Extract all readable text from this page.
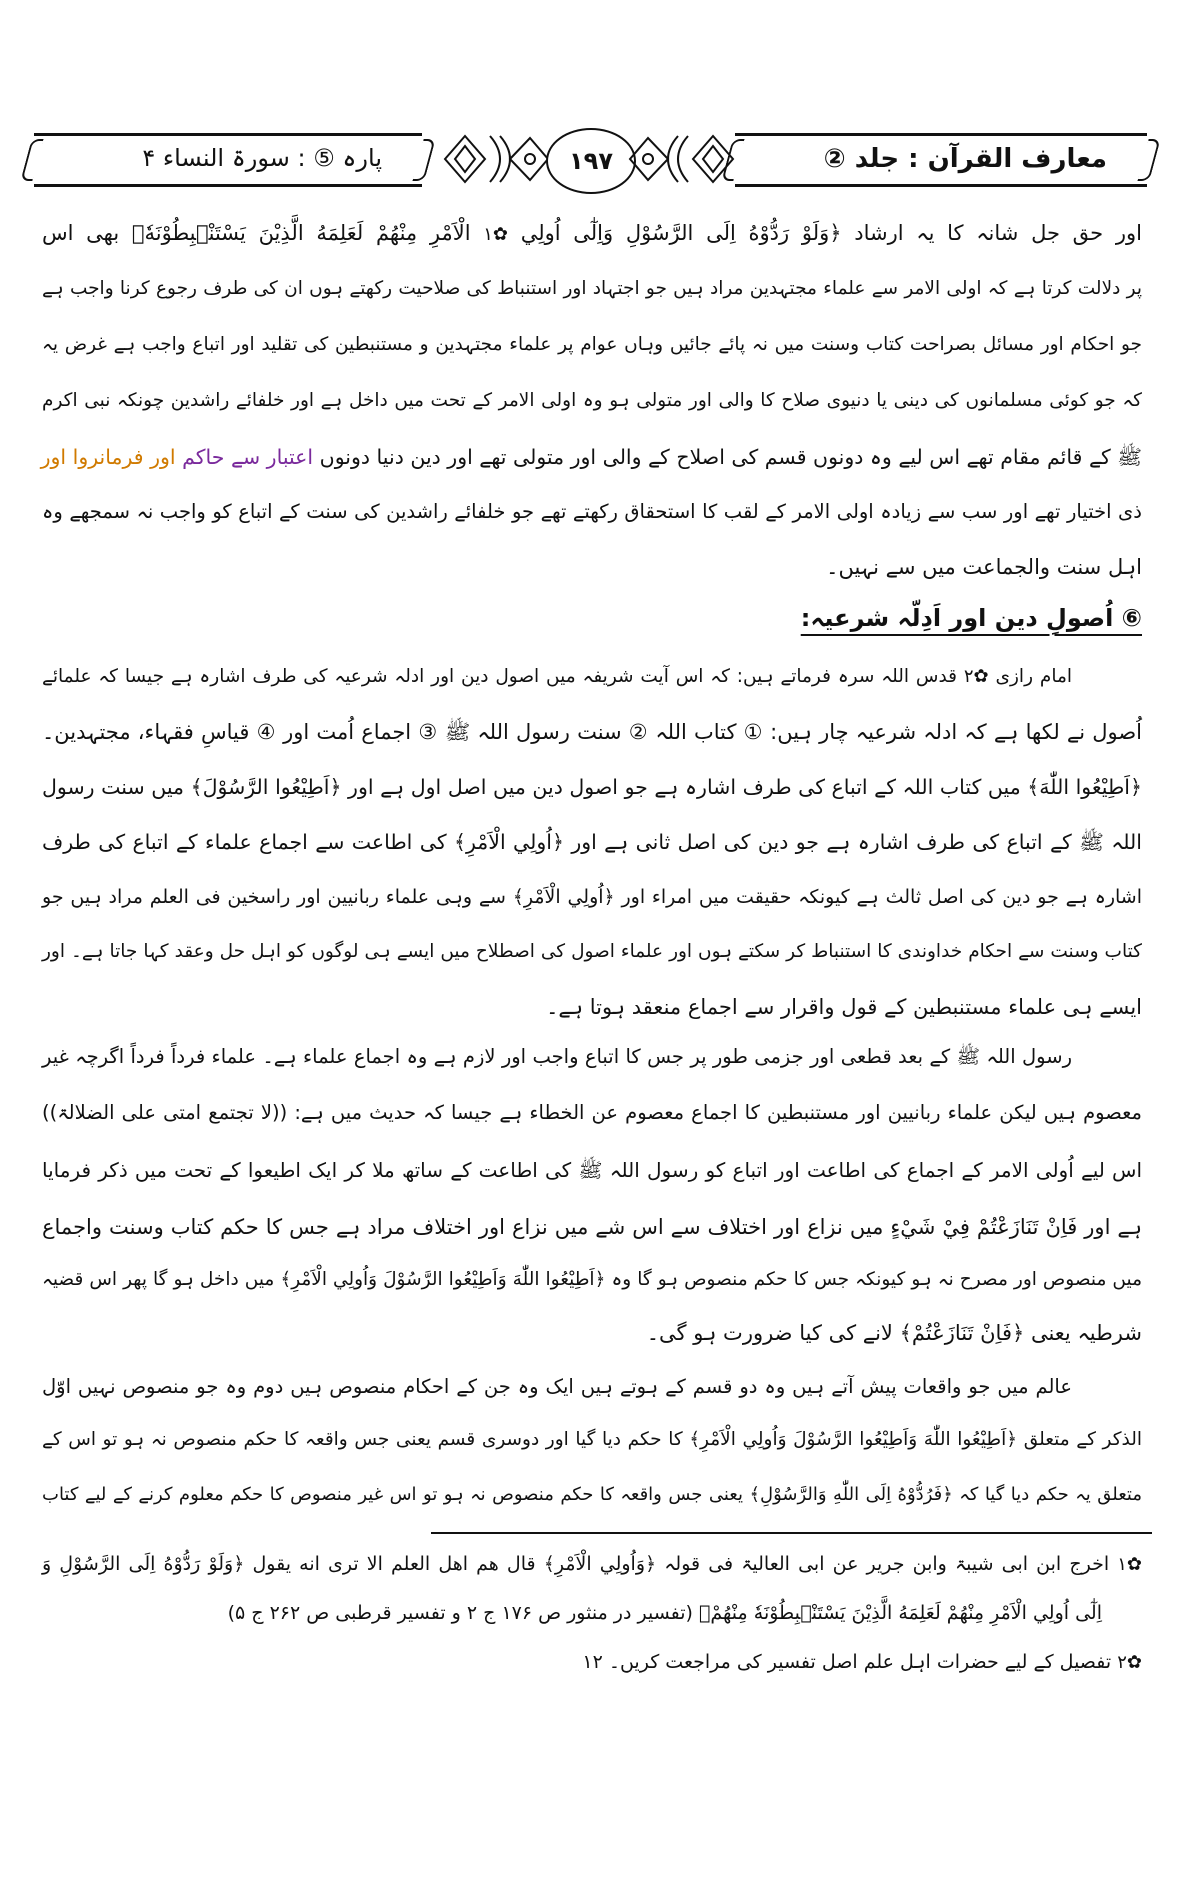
پارہ ⑤ : سورۃ النساء ۴	۱۹۷	معارف القرآن : جلد ②
اور حق جل شانہ کا یہ ارشاد ﴿وَلَوْ رَدُّوْهُ اِلَى الرَّسُوْلِ وَاِلٰٓى اُولِي ✿۱ الْاَمْرِ مِنْهُمْ لَعَلِمَهُ الَّذِيْنَ يَسْتَنْۢبِطُوْنَهٗ﴾ بھی اس
پر دلالت کرتا ہے کہ اولی الامر سے علماء مجتہدین مراد ہیں جو اجتہاد اور استنباط کی صلاحیت رکھتے ہوں ان کی طرف رجوع کرنا واجب ہے
جو احکام اور مسائل بصراحت کتاب وسنت میں نہ پائے جائیں وہاں عوام پر علماء مجتہدین و مستنبطین کی تقلید اور اتباع واجب ہے غرض یہ
کہ جو کوئی مسلمانوں کی دینی یا دنیوی صلاح کا والی اور متولی ہو وہ اولی الامر کے تحت میں داخل ہے اور خلفائے راشدین چونکہ نبی اکرم
ﷺ کے قائم مقام تھے اس لیے وہ دونوں قسم کی اصلاح کے والی اور متولی تھے اور دین دنیا دونوں اعتبار سے حاکم اور فرمانروا اور
ذی اختیار تھے اور سب سے زیادہ اولی الامر کے لقب کا استحقاق رکھتے تھے جو خلفائے راشدین کی سنت کے اتباع کو واجب نہ سمجھے وہ
اہل سنت والجماعت میں سے نہیں۔
⑥ اُصولِ دین اور اَدِلّہ شرعیہ:
امام رازی ✿۲ قدس اللہ سرہ فرماتے ہیں: کہ اس آیت شریفہ میں اصول دین اور ادلہ شرعیہ کی طرف اشارہ ہے جیسا کہ علمائے
اُصول نے لکھا ہے کہ ادلہ شرعیہ چار ہیں: ① کتاب اللہ ② سنت رسول اللہ ﷺ ③ اجماع اُمت اور ④ قیاسِ فقہاء، مجتہدین۔
﴿اَطِيْعُوا اللّٰهَ﴾ میں کتاب اللہ کے اتباع کی طرف اشارہ ہے جو اصول دین میں اصل اول ہے اور ﴿اَطِيْعُوا الرَّسُوْلَ﴾ میں سنت رسول
اللہ ﷺ کے اتباع کی طرف اشارہ ہے جو دین کی اصل ثانی ہے اور ﴿اُولِي الْاَمْرِ﴾ کی اطاعت سے اجماع علماء کے اتباع کی طرف
اشارہ ہے جو دین کی اصل ثالث ہے کیونکہ حقیقت میں امراء اور ﴿اُولِي الْاَمْرِ﴾ سے وہی علماء ربانیین اور راسخین فی العلم مراد ہیں جو
کتاب وسنت سے احکام خداوندی کا استنباط کر سکتے ہوں اور علماء اصول کی اصطلاح میں ایسے ہی لوگوں کو اہل حل وعقد کہا جاتا ہے۔ اور
ایسے ہی علماء مستنبطین کے قول واقرار سے اجماع منعقد ہوتا ہے۔
رسول اللہ ﷺ کے بعد قطعی اور جزمی طور پر جس کا اتباع واجب اور لازم ہے وہ اجماع علماء ہے۔ علماء فرداً فرداً اگرچہ غیر
معصوم ہیں لیکن علماء ربانیین اور مستنبطین کا اجماع معصوم عن الخطاء ہے جیسا کہ حدیث میں ہے: ((لا تجتمع امتی علی الضلالۃ))
اس لیے اُولی الامر کے اجماع کی اطاعت اور اتباع کو رسول اللہ ﷺ کی اطاعت کے ساتھ ملا کر ایک اطیعوا کے تحت میں ذکر فرمایا
ہے اور فَاِنْ تَنَازَعْتُمْ فِيْ شَيْءٍ میں نزاع اور اختلاف سے اس شے میں نزاع اور اختلاف مراد ہے جس کا حکم کتاب وسنت واجماع
میں منصوص اور مصرح نہ ہو کیونکہ جس کا حکم منصوص ہو گا وہ ﴿اَطِيْعُوا اللّٰهَ وَاَطِيْعُوا الرَّسُوْلَ وَاُولِي الْاَمْرِ﴾ میں داخل ہو گا پھر اس قضیہ
شرطیہ یعنی ﴿فَاِنْ تَنَازَعْتُمْ﴾ لانے کی کیا ضرورت ہو گی۔
عالم میں جو واقعات پیش آتے ہیں وہ دو قسم کے ہوتے ہیں ایک وہ جن کے احکام منصوص ہیں دوم وہ جو منصوص نہیں اوّل
الذکر کے متعلق ﴿اَطِيْعُوا اللّٰهَ وَاَطِيْعُوا الرَّسُوْلَ وَاُولِي الْاَمْرِ﴾ کا حکم دیا گیا اور دوسری قسم یعنی جس واقعہ کا حکم منصوص نہ ہو تو اس کے
متعلق یہ حکم دیا گیا کہ ﴿فَرُدُّوْهُ اِلَى اللّٰهِ وَالرَّسُوْلِ﴾ یعنی جس واقعہ کا حکم منصوص نہ ہو تو اس غیر منصوص کا حکم معلوم کرنے کے لیے کتاب
✿۱ اخرج ابن ابی شیبۃ وابن جریر عن ابی العالیۃ فی قولہ ﴿وَاُولِي الْاَمْرِ﴾ قال هم اهل العلم الا ترى انه يقول ﴿وَلَوْ رَدُّوْهُ اِلَى الرَّسُوْلِ وَ
اِلٰٓى اُولِي الْاَمْرِ مِنْهُمْ لَعَلِمَهُ الَّذِيْنَ يَسْتَنْۢبِطُوْنَهٗ مِنْهُمْ﴾ (تفسیر در منثور ص ۱۷۶ ج ۲ و تفسیر قرطبی ص ۲۶۲ ج ۵)
✿۲ تفصیل کے لیے حضرات اہل علم اصل تفسیر کی مراجعت کریں۔ ۱۲
